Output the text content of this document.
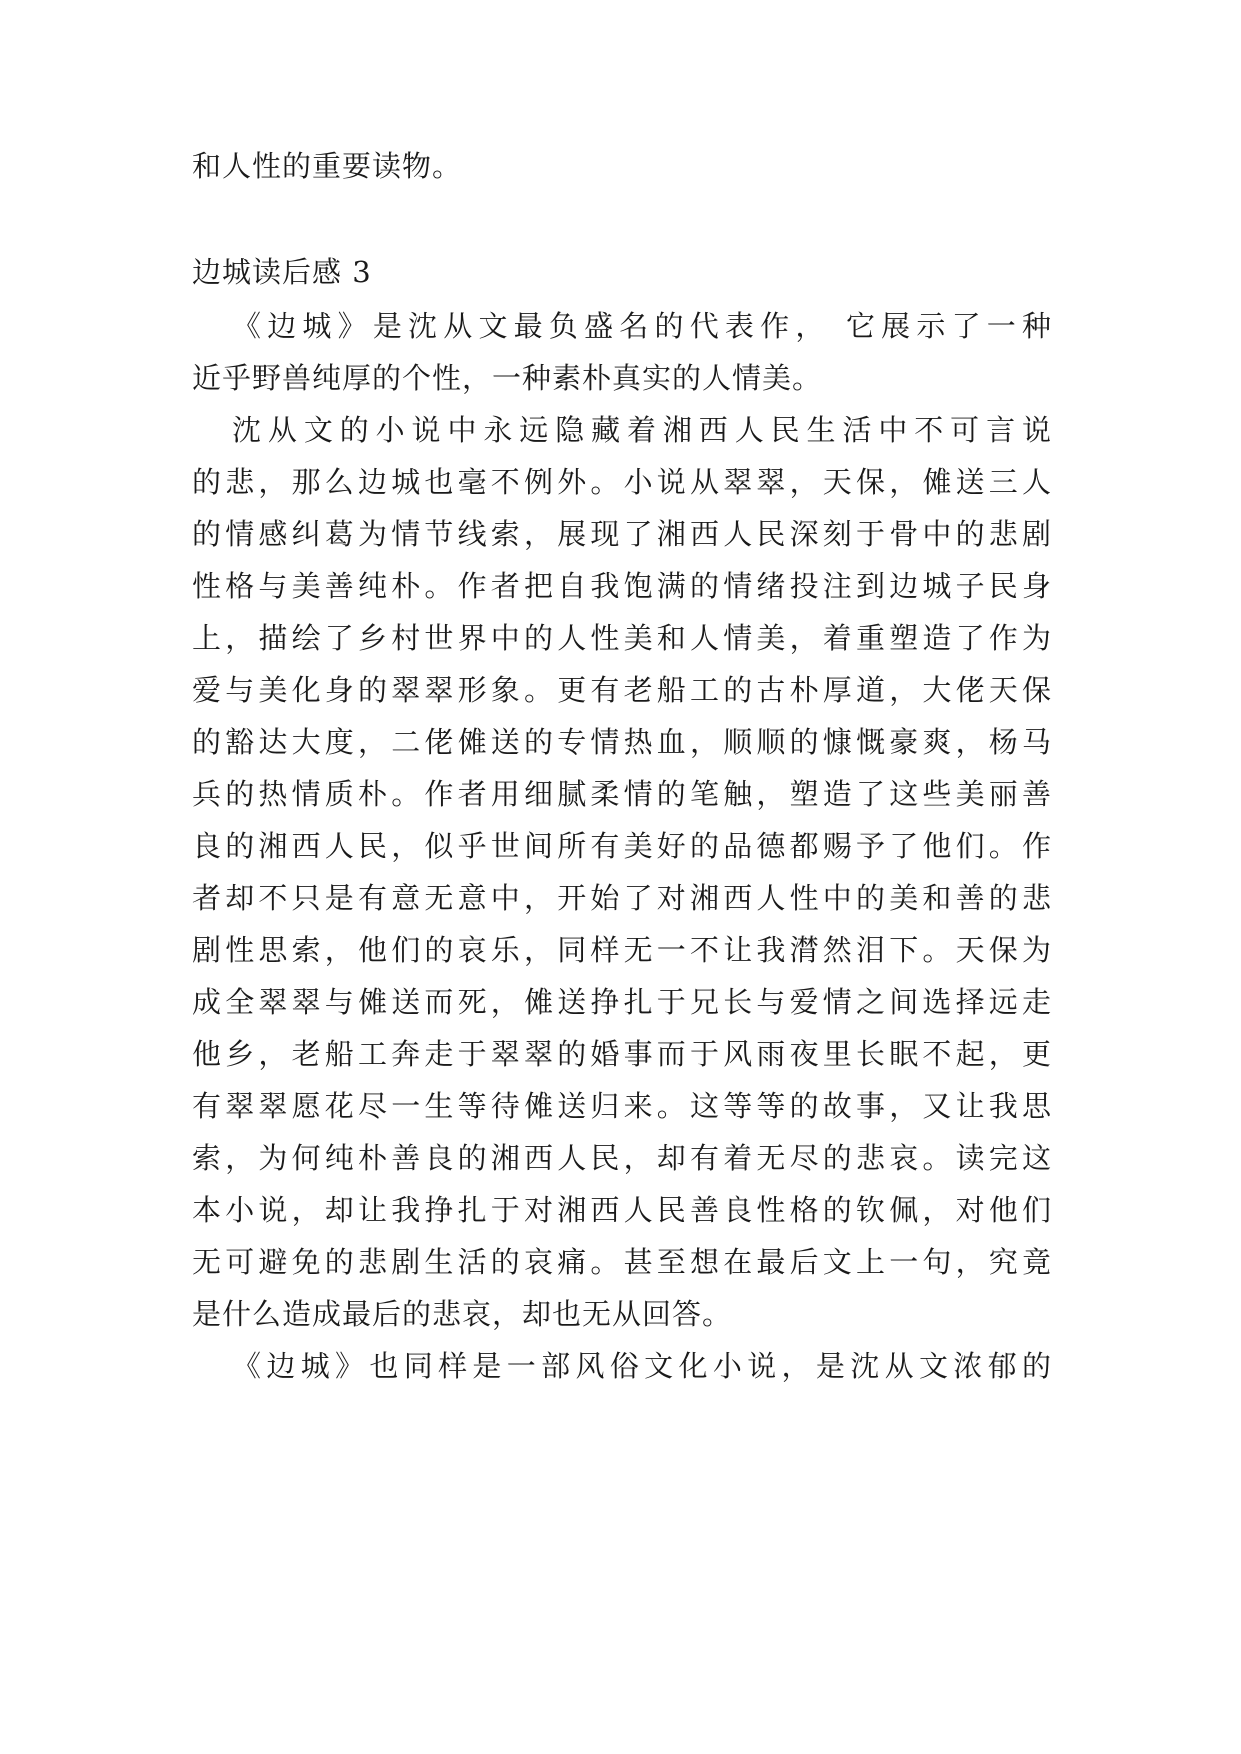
和人性的重要读物。
边城读后感 3
《边城》是沈从文最负盛名的代表作， 它展示了一种
近乎野兽纯厚的个性，一种素朴真实的人情美。
沈从文的小说中永远隐藏着湘西人民生活中不可言说
的悲，那么边城也毫不例外。小说从翠翠，天保，傩送三人
的情感纠葛为情节线索，展现了湘西人民深刻于骨中的悲剧
性格与美善纯朴。作者把自我饱满的情绪投注到边城子民身
上，描绘了乡村世界中的人性美和人情美，着重塑造了作为
爱与美化身的翠翠形象。更有老船工的古朴厚道，大佬天保
的豁达大度，二佬傩送的专情热血，顺顺的慷慨豪爽，杨马
兵的热情质朴。作者用细腻柔情的笔触，塑造了这些美丽善
良的湘西人民，似乎世间所有美好的品德都赐予了他们。作
者却不只是有意无意中，开始了对湘西人性中的美和善的悲
剧性思索，他们的哀乐，同样无一不让我潸然泪下。天保为
成全翠翠与傩送而死，傩送挣扎于兄长与爱情之间选择远走
他乡，老船工奔走于翠翠的婚事而于风雨夜里长眠不起，更
有翠翠愿花尽一生等待傩送归来。这等等的故事，又让我思
索，为何纯朴善良的湘西人民，却有着无尽的悲哀。读完这
本小说，却让我挣扎于对湘西人民善良性格的钦佩，对他们
无可避免的悲剧生活的哀痛。甚至想在最后文上一句，究竟
是什么造成最后的悲哀，却也无从回答。
《边城》也同样是一部风俗文化小说，是沈从文浓郁的
